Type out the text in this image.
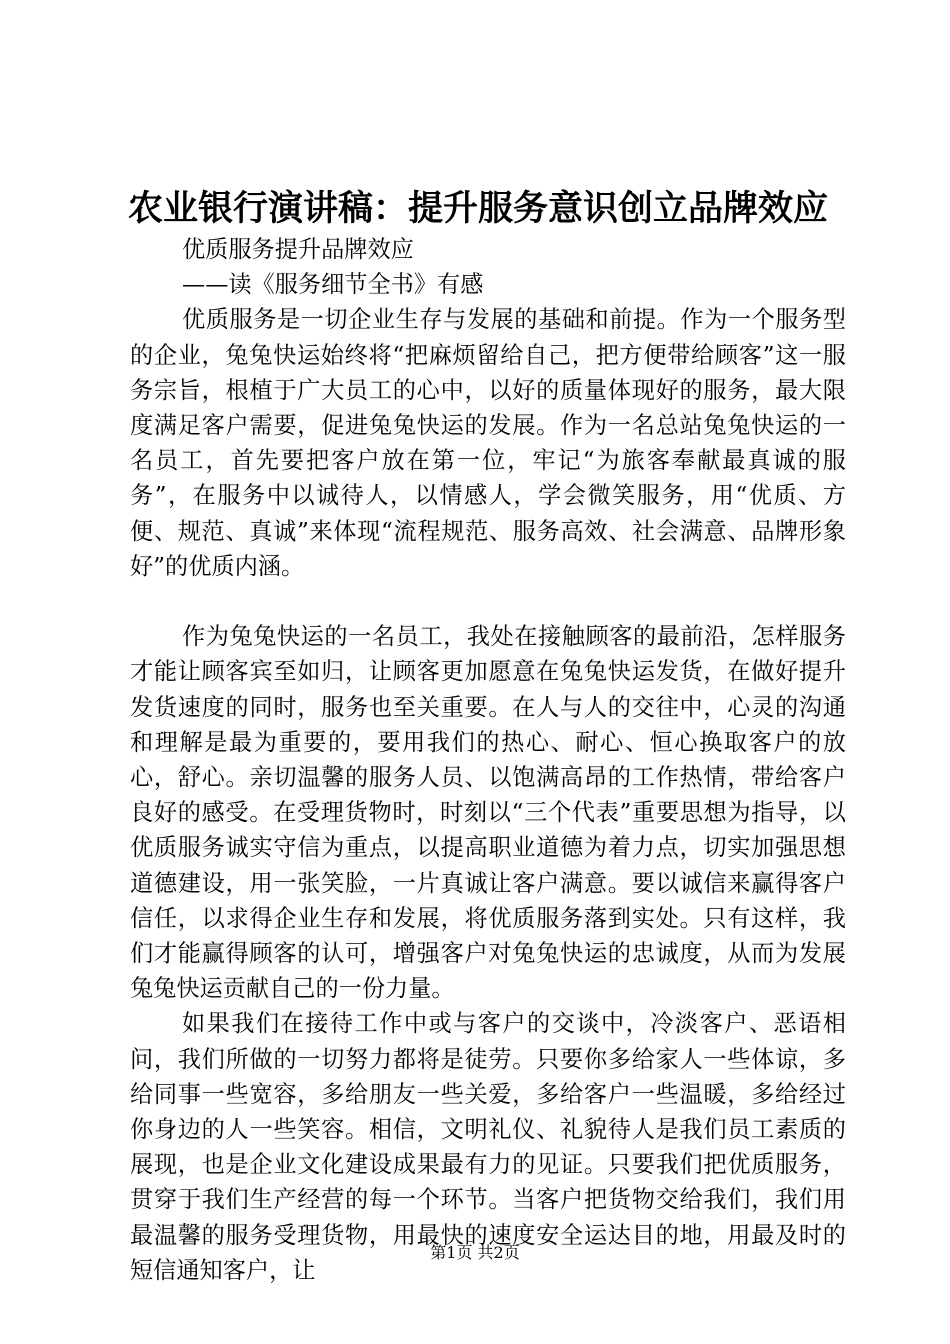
农业银行演讲稿：提升服务意识创立品牌效应

优质服务提升品牌效应

——读《服务细节全书》有感

优质服务是一切企业生存与发展的基础和前提。作为一个服务型的企业，兔兔快运始终将“把麻烦留给自己，把方便带给顾客”这一服务宗旨，根植于广大员工的心中，以好的质量体现好的服务，最大限度满足客户需要，促进兔兔快运的发展。作为一名总站兔兔快运的一名员工，首先要把客户放在第一位，牢记“为旅客奉献最真诚的服务”，在服务中以诚待人，以情感人，学会微笑服务，用“优质、方便、规范、真诚”来体现“流程规范、服务高效、社会满意、品牌形象好”的优质内涵。

作为兔兔快运的一名员工，我处在接触顾客的最前沿，怎样服务才能让顾客宾至如归，让顾客更加愿意在兔兔快运发货，在做好提升发货速度的同时，服务也至关重要。在人与人的交往中，心灵的沟通和理解是最为重要的，要用我们的热心、耐心、恒心换取客户的放心，舒心。亲切温馨的服务人员、以饱满高昂的工作热情，带给客户良好的感受。在受理货物时，时刻以“三个代表”重要思想为指导，以优质服务诚实守信为重点，以提高职业道德为着力点，切实加强思想道德建设，用一张笑脸，一片真诚让客户满意。要以诚信来赢得客户信任，以求得企业生存和发展，将优质服务落到实处。只有这样，我们才能赢得顾客的认可，增强客户对兔兔快运的忠诚度，从而为发展兔兔快运贡献自己的一份力量。

如果我们在接待工作中或与客户的交谈中，冷淡客户、恶语相问，我们所做的一切努力都将是徒劳。只要你多给家人一些体谅，多给同事一些宽容，多给朋友一些关爱，多给客户一些温暖，多给经过你身边的人一些笑容。相信，文明礼仪、礼貌待人是我们员工素质的展现，也是企业文化建设成果最有力的见证。只要我们把优质服务，贯穿于我们生产经营的每一个环节。当客户把货物交给我们，我们用最温馨的服务受理货物，用最快的速度安全运达目的地，用最及时的短信通知客户，让

第1页 共2页
